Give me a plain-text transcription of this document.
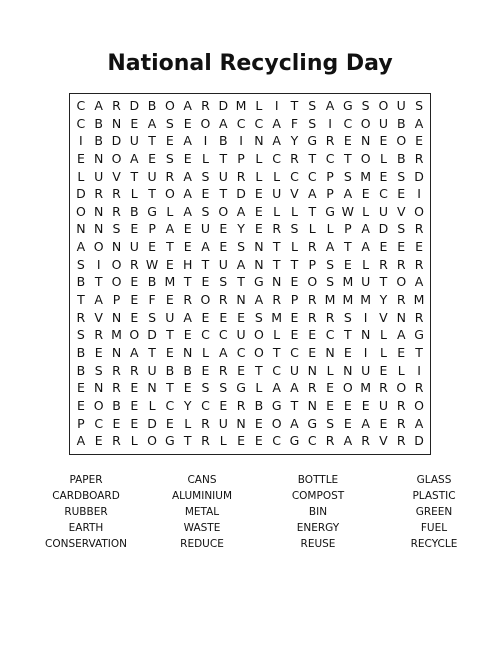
National Recycling Day
C A R D B O A R D M L I T S A G S O U S
C B N E A S E O A C C A F S I C O U B A
I B D U T E A I B I N A Y G R E N E O E
E N O A E S E L T P L C R T C T O L B R
L U V T U R A S U R L L C C P S M E S D
D R R L T O A E T D E U V A P A E C E I
O N R B G L A S O A E L L T G W L U V O
N N S E P A E U E Y E R S L L P A D S R
A O N U E T E A E S N T L R A T A E E E
S I O R W E H T U A N T T P S E L R R R
B T O E B M T E S T G N E O S M U T O A
T A P E F E R O R N A R P R M M M Y R M
R V N E S U A E E E S M E R R S I V N R
S R M O D T E C C U O L E E C T N L A G
B E N A T E N L A C O T C E N E I L E T
B S R R U B B E R E T C U N L N U E L I
E N R E N T E S S G L A A R E O M R O R
E O B E L C Y C E R B G T N E E E U R O
P C E E D E L R U N E O A G S E A E R A
A E R L O G T R L E E C G C R A R V R D
PAPER	CANS	BOTTLE	GLASS
CARDBOARD	ALUMINIUM	COMPOST	PLASTIC
RUBBER	METAL	BIN	GREEN
EARTH	WASTE	ENERGY	FUEL
CONSERVATION	REDUCE	REUSE	RECYCLE
